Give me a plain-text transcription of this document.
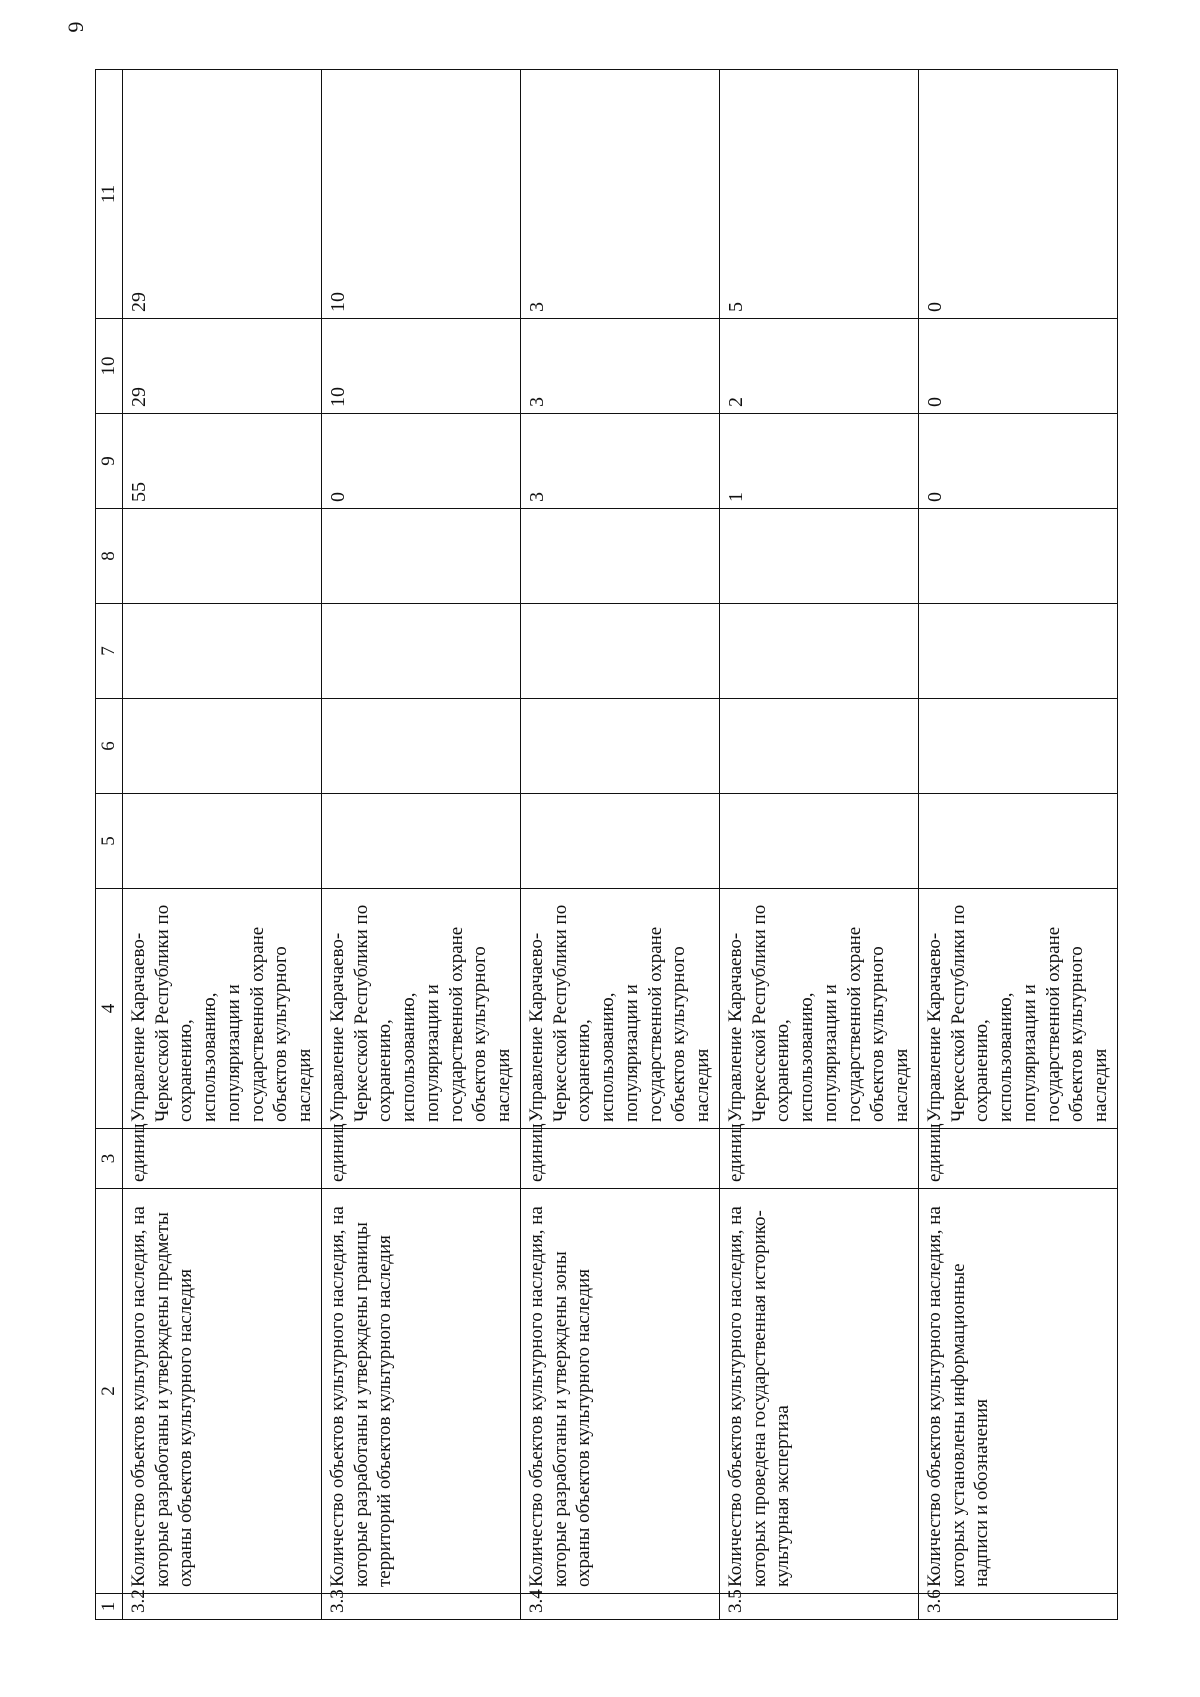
6
1	2	3	4	5	6	7	8	9	10	11
3.2	Количество объектов культурного наследия, на которые разработаны и утверждены предметы охраны объектов культурного наследия	единиц	Управление Карачаево-Черкесской Республики по сохранению, использованию, популяризации и государственной охране объектов культурного наследия					55	29	29
3.3	Количество объектов культурного наследия, на которые разработаны и утверждены границы территорий объектов культурного наследия	единиц	Управление Карачаево-Черкесской Республики по сохранению, использованию, популяризации и государственной охране объектов культурного наследия					0	10	10
3.4	Количество объектов культурного наследия, на которые разработаны и утверждены зоны охраны объектов культурного наследия	единиц	Управление Карачаево-Черкесской Республики по сохранению, использованию, популяризации и государственной охране объектов культурного наследия					3	3	3
3.5	Количество объектов культурного наследия, на которых проведена государственная историко-культурная экспертиза	единиц	Управление Карачаево-Черкесской Республики по сохранению, использованию, популяризации и государственной охране объектов культурного наследия					1	2	5
3.6	Количество объектов культурного наследия, на которых установлены информационные надписи и обозначения	единиц	Управление Карачаево-Черкесской Республики по сохранению, использованию, популяризации и государственной охране объектов культурного наследия					0	0	0
